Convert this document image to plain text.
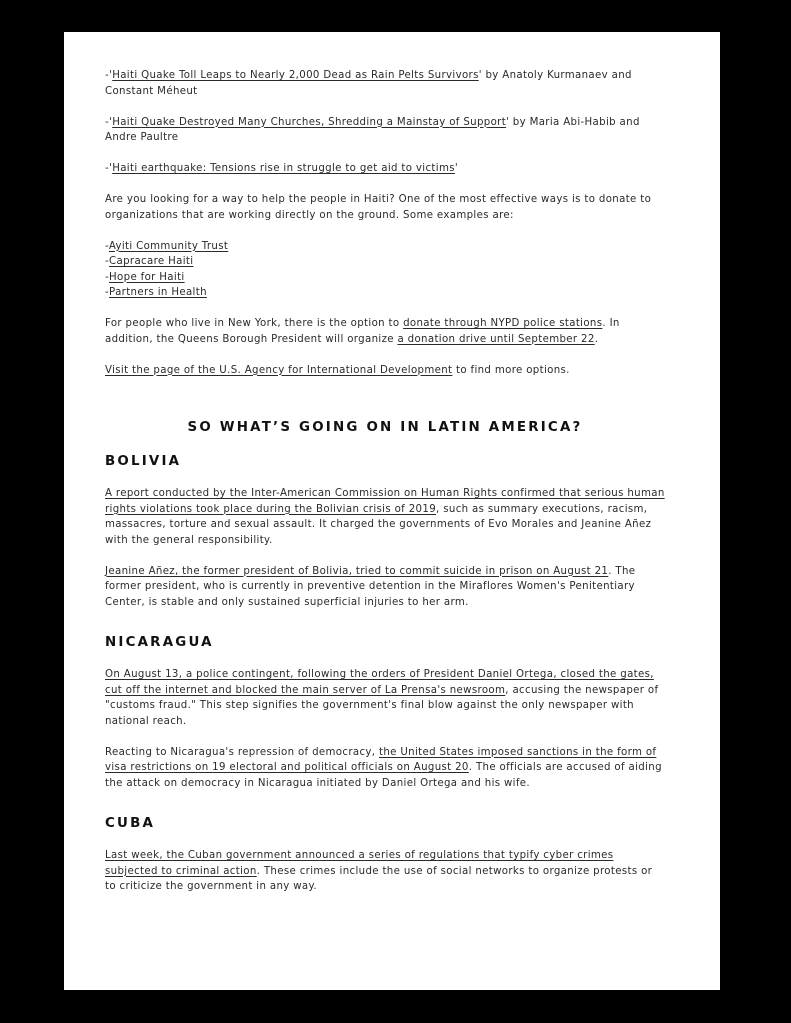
-'Haiti Quake Toll Leaps to Nearly 2,000 Dead as Rain Pelts Survivors' by Anatoly Kurmanaev and Constant Méheut

-'Haiti Quake Destroyed Many Churches, Shredding a Mainstay of Support' by Maria Abi-Habib and Andre Paultre

-'Haiti earthquake: Tensions rise in struggle to get aid to victims'

Are you looking for a way to help the people in Haiti? One of the most effective ways is to donate to organizations that are working directly on the ground. Some examples are:

-Ayiti Community Trust

-Capracare Haiti

-Hope for Haiti

-Partners in Health

For people who live in New York, there is the option to donate through NYPD police stations. In addition, the Queens Borough President will organize a donation drive until September 22.

Visit the page of the U.S. Agency for International Development to find more options.

SO WHAT’S GOING ON IN LATIN AMERICA?
BOLIVIA

A report conducted by the Inter-American Commission on Human Rights confirmed that serious human rights violations took place during the Bolivian crisis of 2019, such as summary executions, racism, massacres, torture and sexual assault. It charged the governments of Evo Morales and Jeanine Añez with the general responsibility.

Jeanine Añez, the former president of Bolivia, tried to commit suicide in prison on August 21. The former president, who is currently in preventive detention in the Miraflores Women's Penitentiary Center, is stable and only sustained superficial injuries to her arm.

NICARAGUA

On August 13, a police contingent, following the orders of President Daniel Ortega, closed the gates, cut off the internet and blocked the main server of La Prensa's newsroom, accusing the newspaper of "customs fraud." This step signifies the government's final blow against the only newspaper with national reach.

Reacting to Nicaragua's repression of democracy, the United States imposed sanctions in the form of visa restrictions on 19 electoral and political officials on August 20. The officials are accused of aiding the attack on democracy in Nicaragua initiated by Daniel Ortega and his wife.

CUBA

Last week, the Cuban government announced a series of regulations that typify cyber crimes subjected to criminal action. These crimes include the use of social networks to organize protests or to criticize the government in any way.
